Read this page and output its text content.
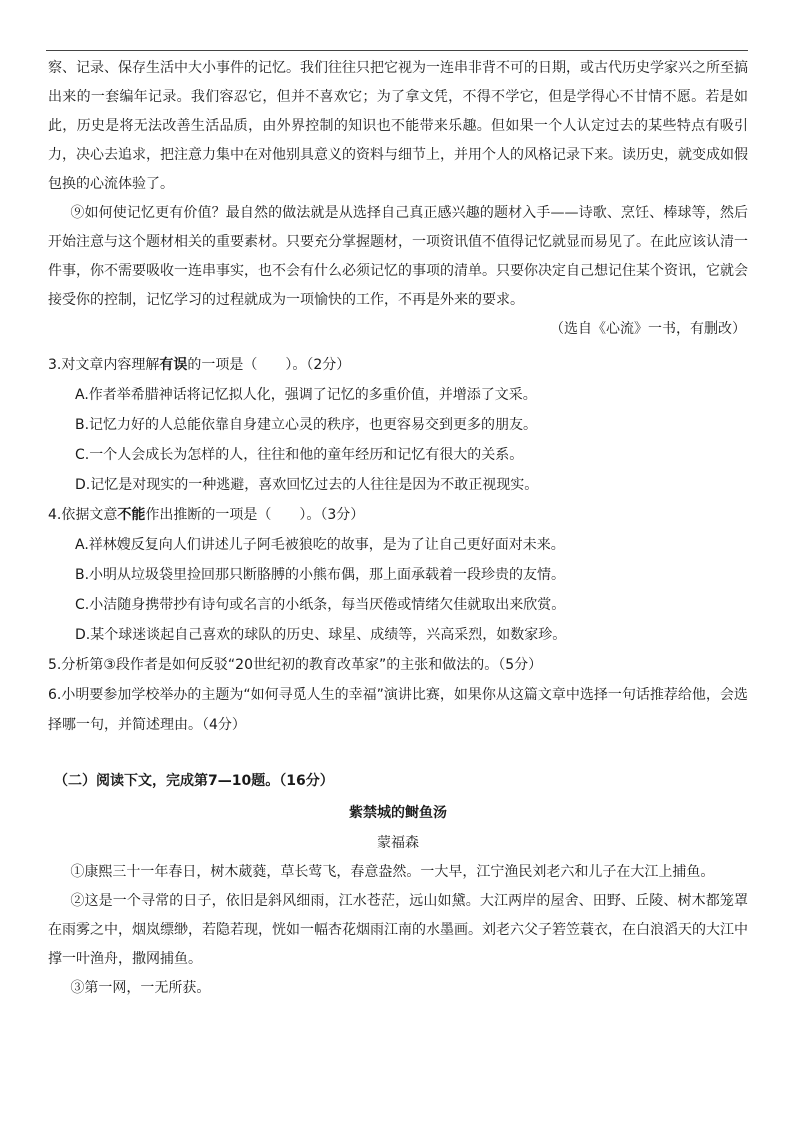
察、记录、保存生活中大小事件的记忆。我们往往只把它视为一连串非背不可的日期，或古代历史学家兴之所至搞出来的一套编年记录。我们容忍它，但并不喜欢它；为了拿文凭，不得不学它，但是学得心不甘情不愿。若是如此，历史是将无法改善生活品质，由外界控制的知识也不能带来乐趣。但如果一个人认定过去的某些特点有吸引力，决心去追求，把注意力集中在对他别具意义的资料与细节上，并用个人的风格记录下来。读历史，就变成如假包换的心流体验了。

⑨如何使记忆更有价值？最自然的做法就是从选择自己真正感兴趣的题材入手——诗歌、烹饪、棒球等，然后开始注意与这个题材相关的重要素材。只要充分掌握题材，一项资讯值不值得记忆就显而易见了。在此应该认清一件事，你不需要吸收一连串事实，也不会有什么必须记忆的事项的清单。只要你决定自己想记住某个资讯，它就会接受你的控制，记忆学习的过程就成为一项愉快的工作，不再是外来的要求。

（选自《心流》一书，有删改）

3.对文章内容理解有误的一项是（　　）。（2分）

A.作者举希腊神话将记忆拟人化，强调了记忆的多重价值，并增添了文采。

B.记忆力好的人总能依靠自身建立心灵的秩序，也更容易交到更多的朋友。

C.一个人会成长为怎样的人，往往和他的童年经历和记忆有很大的关系。

D.记忆是对现实的一种逃避，喜欢回忆过去的人往往是因为不敢正视现实。

4.依据文意不能作出推断的一项是（　　）。（3分）

A.祥林嫂反复向人们讲述儿子阿毛被狼吃的故事，是为了让自己更好面对未来。

B.小明从垃圾袋里捡回那只断胳膊的小熊布偶，那上面承载着一段珍贵的友情。

C.小洁随身携带抄有诗句或名言的小纸条，每当厌倦或情绪欠佳就取出来欣赏。

D.某个球迷谈起自己喜欢的球队的历史、球星、成绩等，兴高采烈，如数家珍。

5.分析第③段作者是如何反驳“20世纪初的教育改革家”的主张和做法的。（5分）

6.小明要参加学校举办的主题为“如何寻觅人生的幸福”演讲比赛，如果你从这篇文章中选择一句话推荐给他，会选择哪一句，并简述理由。（4分）

（二）阅读下文，完成第7—10题。（16分）

紫禁城的鲥鱼汤

蒙福森

①康熙三十一年春日，树木葳蕤，草长莺飞，春意盎然。一大早，江宁渔民刘老六和儿子在大江上捕鱼。

②这是一个寻常的日子，依旧是斜风细雨，江水苍茫，远山如黛。大江两岸的屋舍、田野、丘陵、树木都笼罩在雨雾之中，烟岚缥缈，若隐若现，恍如一幅杏花烟雨江南的水墨画。刘老六父子箬笠蓑衣，在白浪滔天的大江中撑一叶渔舟，撒网捕鱼。

③第一网，一无所获。
